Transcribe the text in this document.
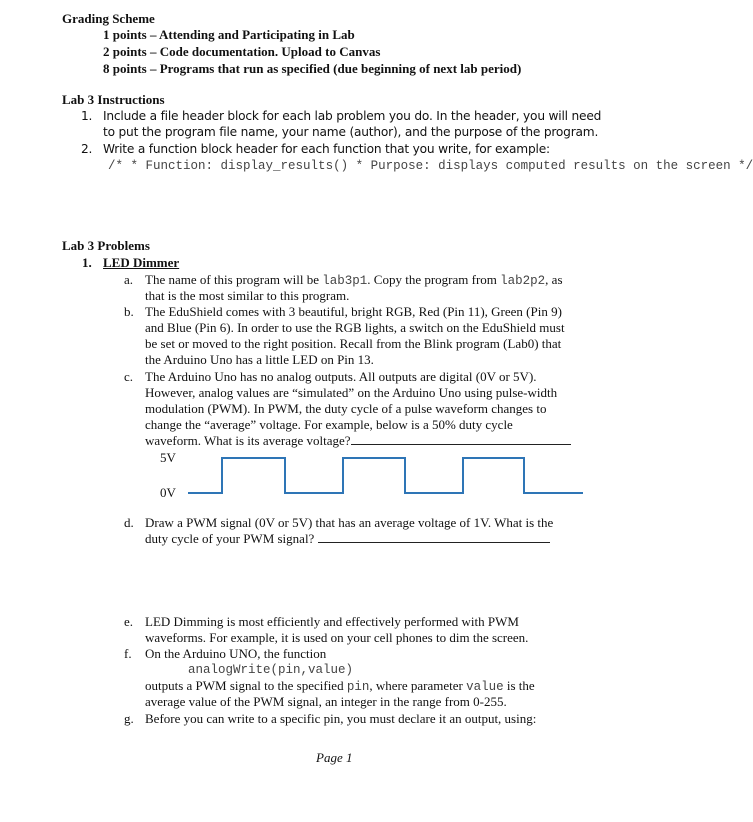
Grading Scheme
1 points – Attending and Participating in Lab
2 points – Code documentation. Upload to Canvas
8 points – Programs that run as specified (due beginning of next lab period)
Lab 3 Instructions
1. Include a file header block for each lab problem you do. In the header, you will need
to put the program file name, your name (author), and the purpose of the program.
2. Write a function block header for each function that you write, for example:
/* * Function: display_results() * Purpose: displays computed results on the screen */
Lab 3 Problems
1. LED Dimmer
a. The name of this program will be lab3p1. Copy the program from lab2p2, as
that is the most similar to this program.
b. The EduShield comes with 3 beautiful, bright RGB, Red (Pin 11), Green (Pin 9)
and Blue (Pin 6). In order to use the RGB lights, a switch on the EduShield must
be set or moved to the right position. Recall from the Blink program (Lab0) that
the Arduino Uno has a little LED on Pin 13.
c. The Arduino Uno has no analog outputs. All outputs are digital (0V or 5V).
However, analog values are “simulated” on the Arduino Uno using pulse-width
modulation (PWM). In PWM, the duty cycle of a pulse waveform changes to
change the “average” voltage. For example, below is a 50% duty cycle
waveform. What is its average voltage?
5V
0V
d. Draw a PWM signal (0V or 5V) that has an average voltage of 1V. What is the
duty cycle of your PWM signal?
e. LED Dimming is most efficiently and effectively performed with PWM
waveforms. For example, it is used on your cell phones to dim the screen.
f. On the Arduino UNO, the function
analogWrite(pin,value)
outputs a PWM signal to the specified pin, where parameter value is the
average value of the PWM signal, an integer in the range from 0-255.
g. Before you can write to a specific pin, you must declare it an output, using:
Page 1
